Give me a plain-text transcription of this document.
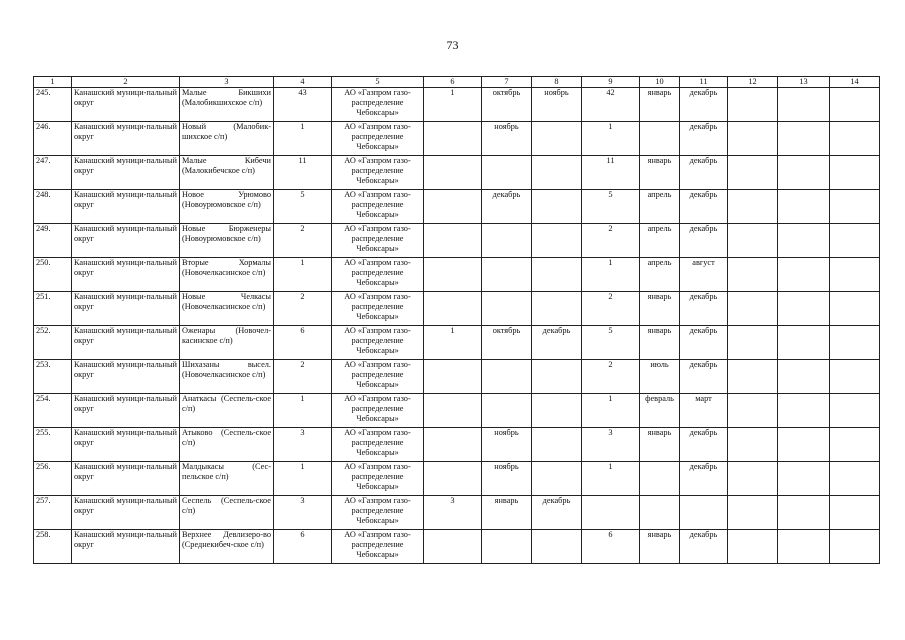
73
1	2	3	4	5	6	7	8	9	10	11	12	13	14
245.	Канашский муници-пальный округ	Малые Бикшихи (Малобикшихское с/п)	43	АО «Газпром газо-распределение Чебоксары»	1	октябрь	ноябрь	42	январь	декабрь			
246.	Канашский муници-пальный округ	Новый (Малобик-шихское с/п)	1	АО «Газпром газо-распределение Чебоксары»		ноябрь		1		декабрь			
247.	Канашский муници-пальный округ	Малые Кибечи (Малокибечское с/п)	11	АО «Газпром газо-распределение Чебоксары»				11	январь	декабрь			
248.	Канашский муници-пальный округ	Новое Урюмово (Новоурюмовское с/п)	5	АО «Газпром газо-распределение Чебоксары»		декабрь		5	апрель	декабрь			
249.	Канашский муници-пальный округ	Новые Бюрженеры (Новоурюмовское с/п)	2	АО «Газпром газо-распределение Чебоксары»				2	апрель	декабрь			
250.	Канашский муници-пальный округ	Вторые Хормалы (Новочелкасинское с/п)	1	АО «Газпром газо-распределение Чебоксары»				1	апрель	август			
251.	Канашский муници-пальный округ	Новые Челкасы (Новочелкасинское с/п)	2	АО «Газпром газо-распределение Чебоксары»				2	январь	декабрь			
252.	Канашский муници-пальный округ	Оженары (Новочел-касинское с/п)	6	АО «Газпром газо-распределение Чебоксары»	1	октябрь	декабрь	5	январь	декабрь			
253.	Канашский муници-пальный округ	Шихазаны высел. (Новочелкасинское с/п)	2	АО «Газпром газо-распределение Чебоксары»				2	июль	декабрь			
254.	Канашский муници-пальный округ	Анаткасы (Сеспель-ское с/п)	1	АО «Газпром газо-распределение Чебоксары»				1	февраль	март			
255.	Канашский муници-пальный округ	Атыково (Сеспель-ское с/п)	3	АО «Газпром газо-распределение Чебоксары»		ноябрь		3	январь	декабрь			
256.	Канашский муници-пальный округ	Малдыкасы (Сес-пельское с/п)	1	АО «Газпром газо-распределение Чебоксары»		ноябрь		1		декабрь			
257.	Канашский муници-пальный округ	Сеспель (Сеспель-ское с/п)	3	АО «Газпром газо-распределение Чебоксары»	3	январь	декабрь						
258.	Канашский муници-пальный округ	Верхнее Девлизеро-во (Среднекибеч-ское с/п)	6	АО «Газпром газо-распределение Чебоксары»				6	январь	декабрь			
